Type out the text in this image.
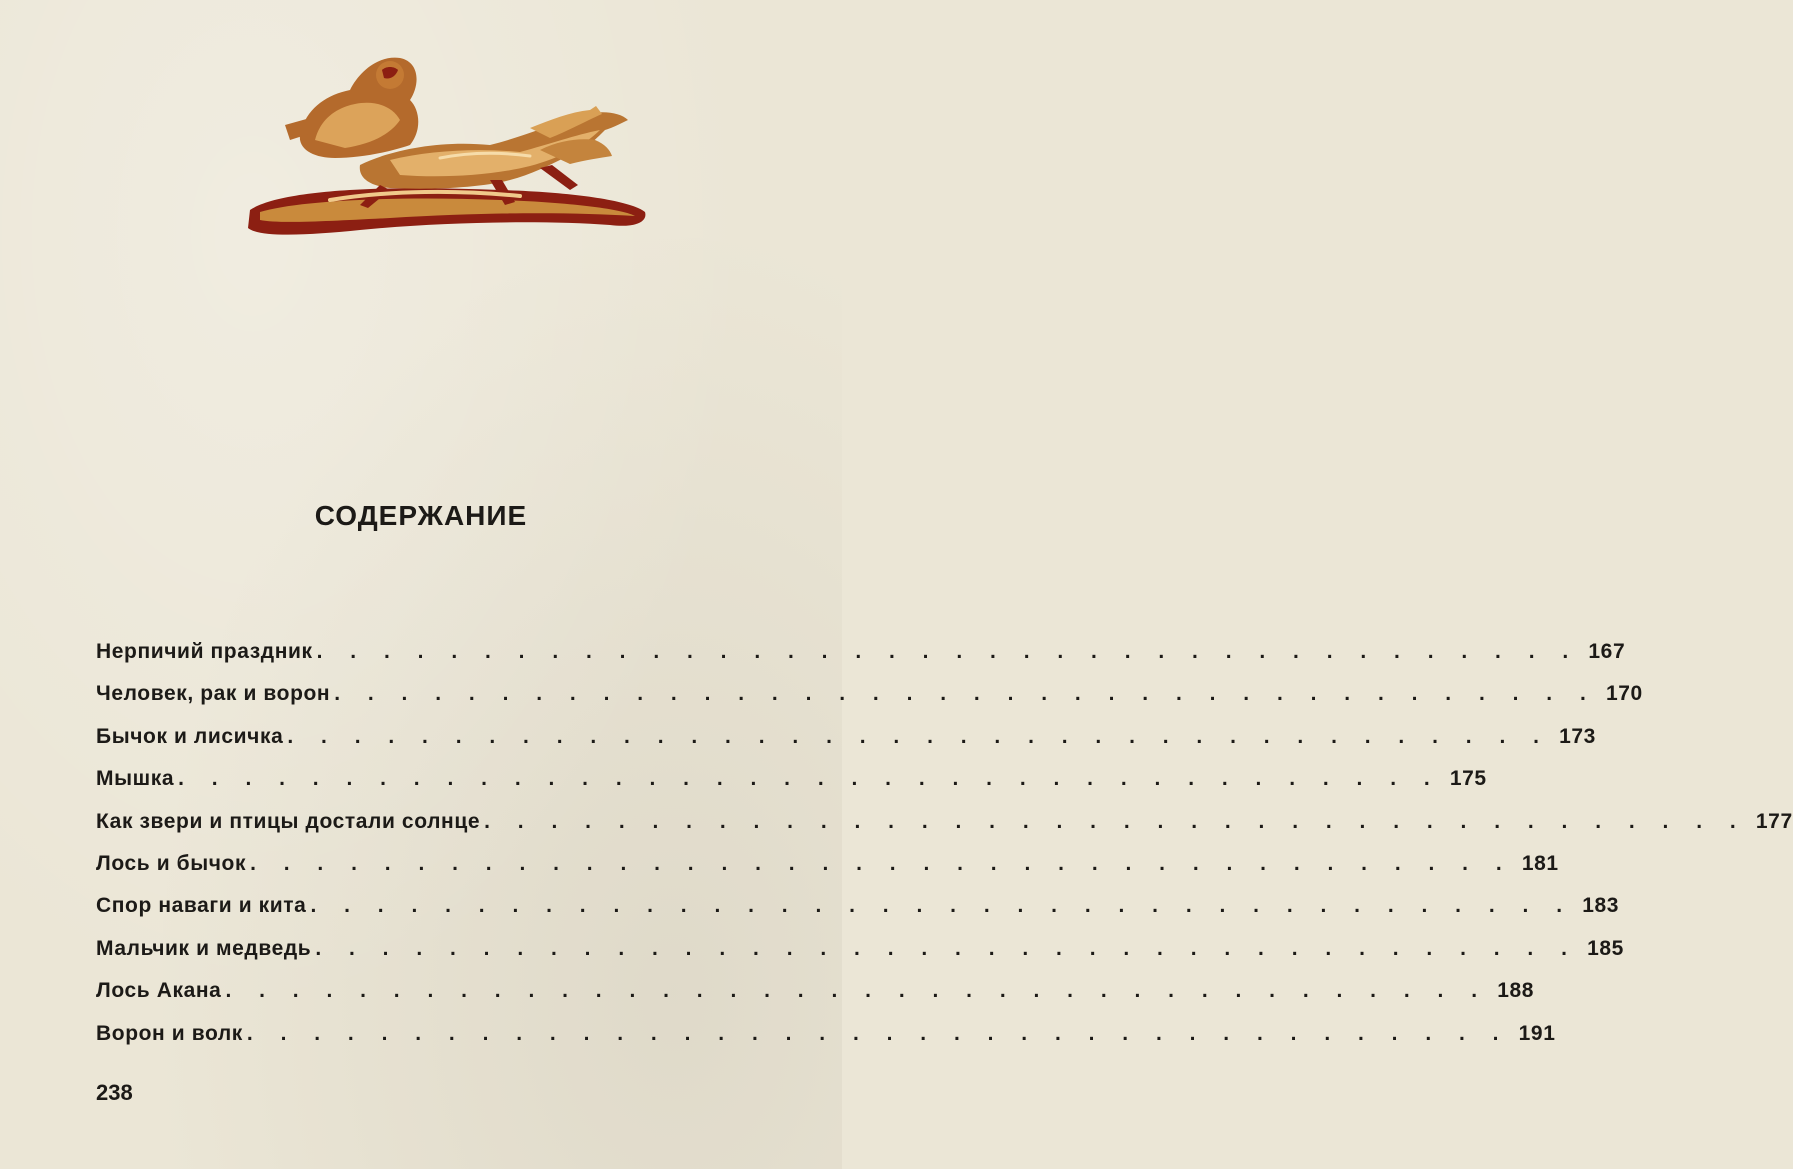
СОДЕРЖАНИЕ
Нерпичий праздник . . . . . . . . . . . . . . . . . . . . . . . . . . . . . . . . . . . . . . 167
Человек, рак и ворон . . . . . . . . . . . . . . . . . . . . . . . . . . . . . . . . . . . . . . 170
Бычок и лисичка . . . . . . . . . . . . . . . . . . . . . . . . . . . . . . . . . . . . . . 173
Мышка . . . . . . . . . . . . . . . . . . . . . . . . . . . . . . . . . . . . . . 175
Как звери и птицы достали солнце . . . . . . . . . . . . . . . . . . . . . . . . . . . . . . . . . . . . . . 177
Лось и бычок . . . . . . . . . . . . . . . . . . . . . . . . . . . . . . . . . . . . . . 181
Спор наваги и кита . . . . . . . . . . . . . . . . . . . . . . . . . . . . . . . . . . . . . . 183
Мальчик и медведь . . . . . . . . . . . . . . . . . . . . . . . . . . . . . . . . . . . . . . 185
Лось Акана . . . . . . . . . . . . . . . . . . . . . . . . . . . . . . . . . . . . . . 188
Ворон и волк . . . . . . . . . . . . . . . . . . . . . . . . . . . . . . . . . . . . . . 191
238
